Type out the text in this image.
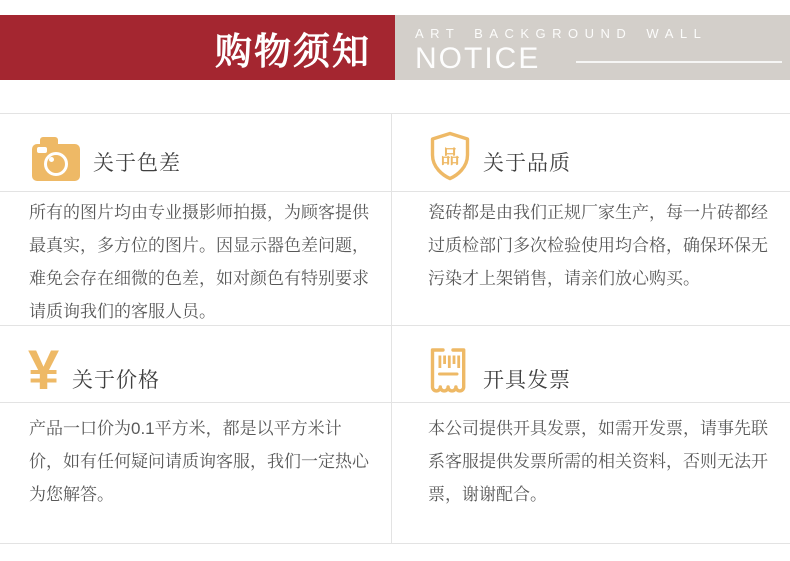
购物须知	ART BACKGROUND WALL
NOTICE
关于色差
所有的图片均由专业摄影师拍摄，为顾客提供最真实，多方位的图片。因显示器色差问题，难免会存在细微的色差，如对颜色有特别要求请质询我们的客服人员。
品 关于品质
瓷砖都是由我们正规厂家生产，每一片砖都经过质检部门多次检验使用均合格，确保环保无污染才上架销售，请亲们放心购买。
¥ 关于价格
产品一口价为0.1平方米，都是以平方米计价，如有任何疑问请质询客服，我们一定热心为您解答。
开具发票
本公司提供开具发票，如需开发票，请事先联系客服提供发票所需的相关资料，否则无法开票，谢谢配合。
